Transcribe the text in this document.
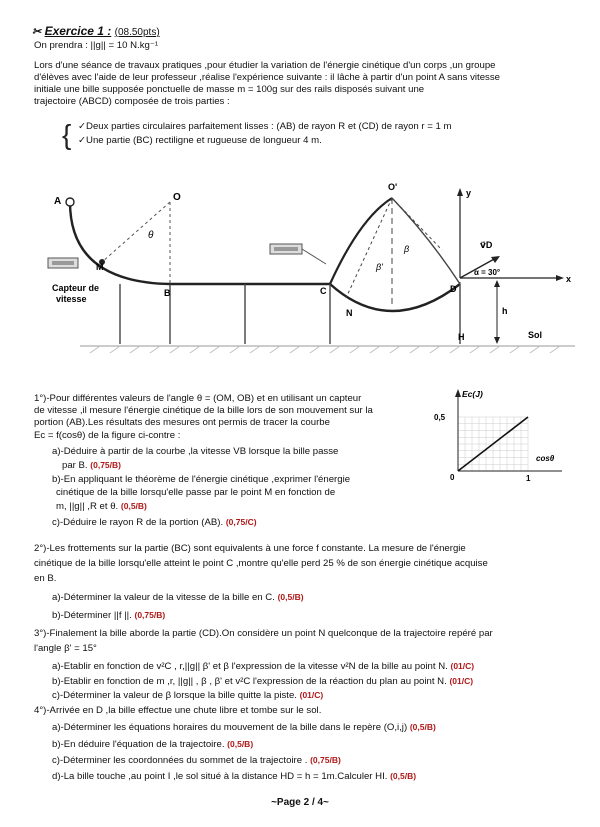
✂ Exercice 1 : (08.50pts)
On prendra : ||g|| = 10 N.kg⁻¹
Lors d'une séance de travaux pratiques ,pour étudier la variation de l'énergie cinétique d'un corps ,un groupe
d'élèves avec l'aide de leur professeur ,réalise l'expérience suivante : il lâche à partir d'un point A sans vitesse
initiale une bille supposée ponctuelle de masse m = 100g sur des rails disposés suivant une
trajectoire (ABCD) composée de trois parties :
{ ✓Deux parties circulaires parfaitement lisses : (AB) de rayon R et (CD) de rayon r = 1 m
✓Une partie (BC) rectiligne et rugueuse de longueur 4 m.
A	O
θ
M
Capteur de
vitesse
B	C
N
O'
β'
β
y
v⃗D
α = 30°
x
D
h
H	Sol
1°)-Pour différentes valeurs de l'angle θ = (OM, OB) et en utilisant un capteur
de vitesse ,il mesure l'énergie cinétique de la bille lors de son mouvement sur la
portion (AB).Les résultats des mesures ont permis de tracer la courbe
Ec = f(cosθ) de la figure ci-contre :
a)-Déduire à partir de la courbe ,la vitesse VB lorsque la bille passe
par B. (0,75/B)
b)-En appliquant le théorème de l'énergie cinétique ,exprimer l'énergie
cinétique de la bille lorsqu'elle passe par le point M en fonction de
m, ||g|| ,R et θ. (0,5/B)
c)-Déduire le rayon R de la portion (AB). (0,75/C)
Ec(J)
cosθ
0,5
1
0
2°)-Les frottements sur la partie (BC) sont equivalents à une force f constante. La mesure de l'énergie
cinétique de la bille lorsqu'elle atteint le point C ,montre qu'elle perd 25 % de son énergie cinétique acquise
en B.
a)-Déterminer la valeur de la vitesse de la bille en C. (0,5/B)
b)-Déterminer ||f ||. (0,75/B)
3°)-Finalement la bille aborde la partie (CD).On considère un point N quelconque de la trajectoire repéré par
l'angle β' = 15°
a)-Etablir en fonction de v²C , r,||g|| β' et β l'expression de la vitesse v²N de la bille au point N. (01/C)
b)-Etablir en fonction de m ,r, ||g|| , β , β' et v²C l'expression de la réaction du plan au point N. (01/C)
c)-Déterminer la valeur de β lorsque la bille quitte la piste. (01/C)
4°)-Arrivée en D ,la bille effectue une chute libre et tombe sur le sol.
a)-Déterminer les équations horaires du mouvement de la bille dans le repère (O,i,j) (0,5/B)
b)-En déduire l'équation de la trajectoire. (0,5/B)
c)-Déterminer les coordonnées du sommet de la trajectoire . (0,75/B)
d)-La bille touche ,au point I ,le sol situé à la distance HD = h = 1m.Calculer HI. (0,5/B)
~Page 2 / 4~
